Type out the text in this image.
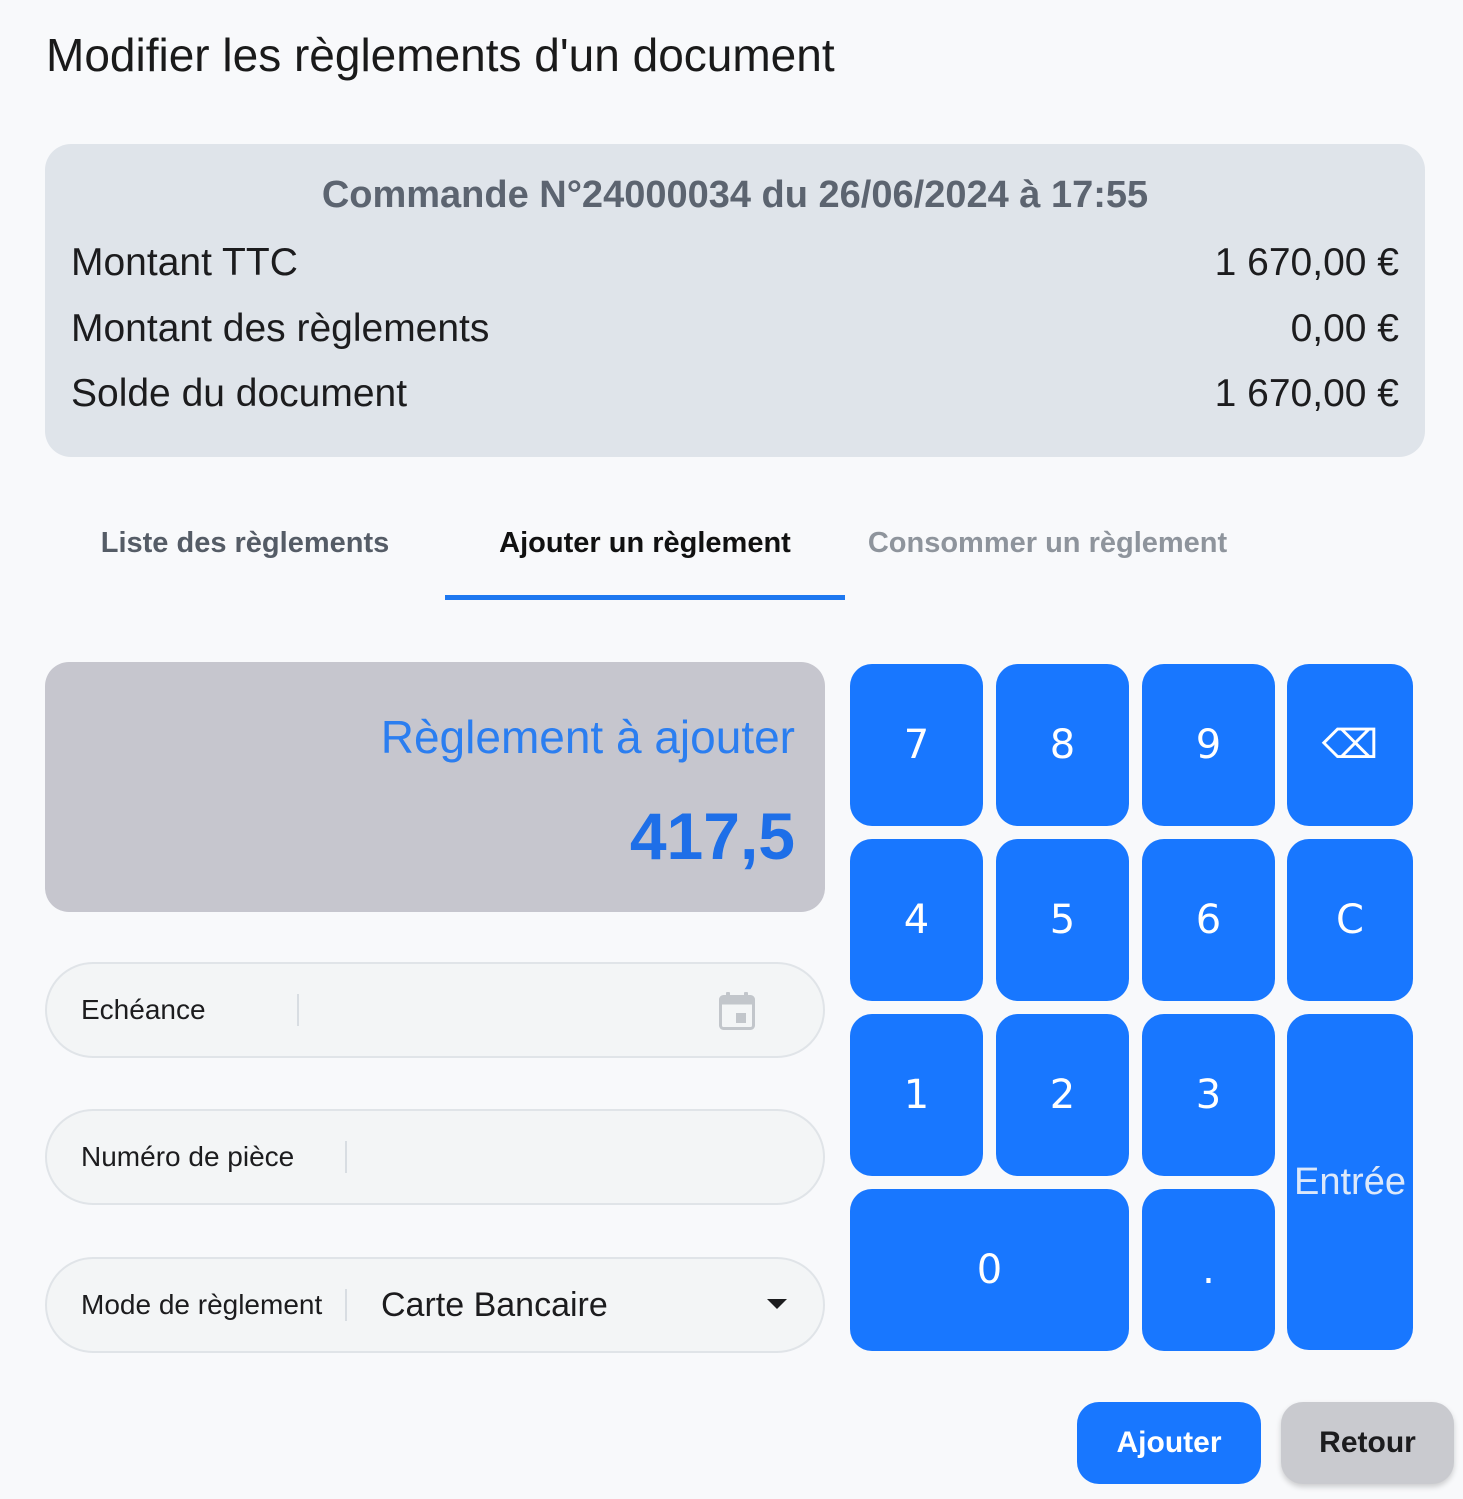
Modifier les règlements d'un document
Commande N°24000034 du 26/06/2024 à 17:55
Montant TTC	1 670,00 €
Montant des règlements	0,00 €
Solde du document	1 670,00 €
Liste des règlements	Ajouter un règlement	Consommer un règlement
Règlement à ajouter
417,5
Echéance
Numéro de pièce
Mode de règlement Carte Bancaire
7	8	9	⌫
4	5	6	C
1	2	3
Entrée
0	.
Ajouter	Retour
